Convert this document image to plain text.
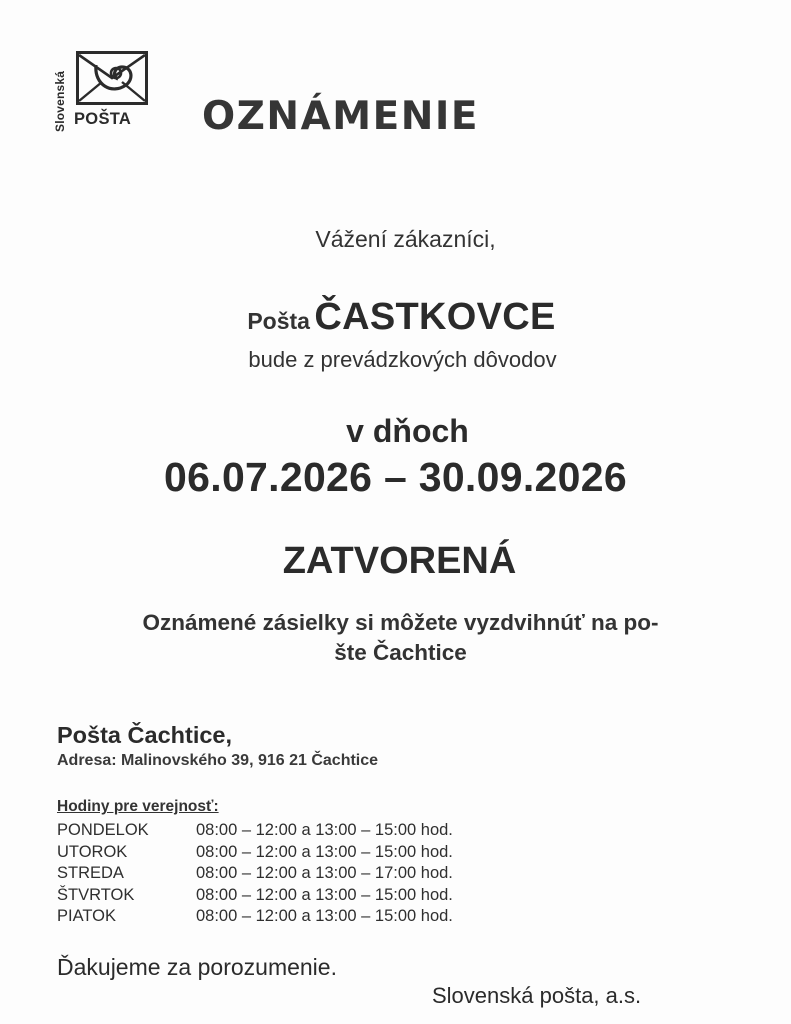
Slovenská POŠTA OZNÁMENIE
Vážení zákazníci,
Pošta ČASTKOVCE
bude z prevádzkových dôvodov
v dňoch
06.07.2026 – 30.09.2026
ZATVORENÁ
Oznámené zásielky si môžete vyzdvihnúť na po-
šte Čachtice
Pošta Čachtice,
Adresa: Malinovského 39, 916 21 Čachtice
Hodiny pre verejnosť:
PONDELOK	08:00 – 12:00 a 13:00 – 15:00 hod.
UTOROK	08:00 – 12:00 a 13:00 – 15:00 hod.
STREDA	08:00 – 12:00 a 13:00 – 17:00 hod.
ŠTVRTOK	08:00 – 12:00 a 13:00 – 15:00 hod.
PIATOK	08:00 – 12:00 a 13:00 – 15:00 hod.
Ďakujeme za porozumenie.
Slovenská pošta, a.s.
